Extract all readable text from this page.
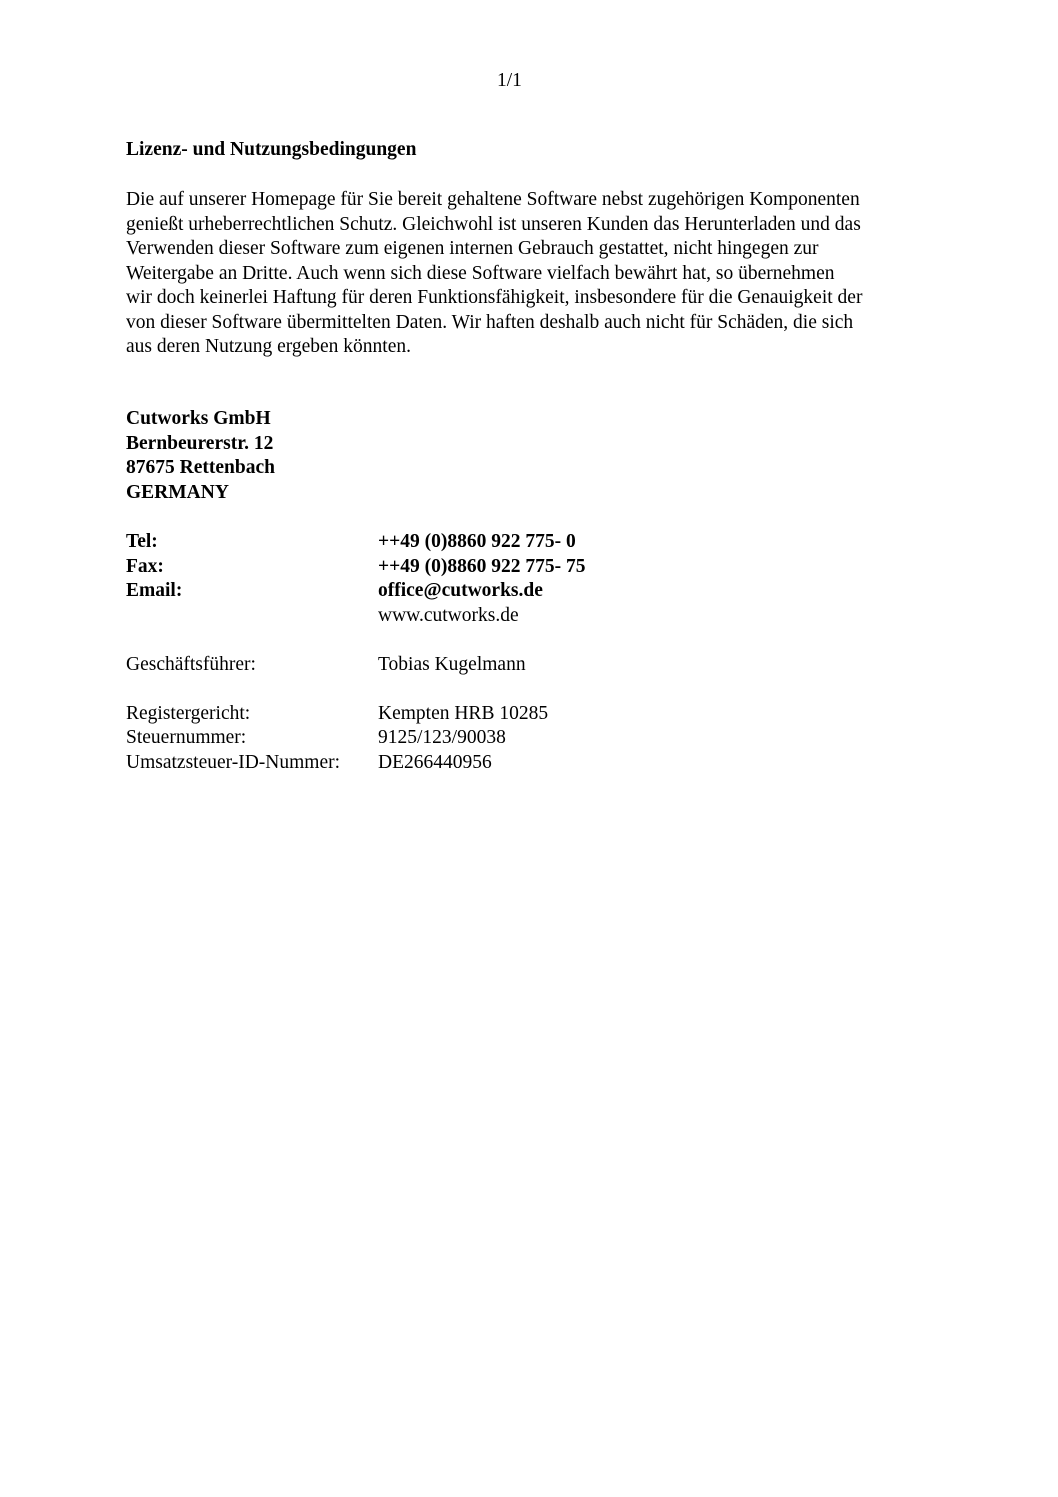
1/1
Lizenz- und Nutzungsbedingungen
Die auf unserer Homepage für Sie bereit gehaltene Software nebst zugehörigen Komponenten
genießt urheberrechtlichen Schutz. Gleichwohl ist unseren Kunden das Herunterladen und das
Verwenden dieser Software zum eigenen internen Gebrauch gestattet, nicht hingegen zur
Weitergabe an Dritte. Auch wenn sich diese Software vielfach bewährt hat, so übernehmen
wir doch keinerlei Haftung für deren Funktionsfähigkeit, insbesondere für die Genauigkeit der
von dieser Software übermittelten Daten. Wir haften deshalb auch nicht für Schäden, die sich
aus deren Nutzung ergeben könnten.
Cutworks GmbH
Bernbeurerstr. 12
87675 Rettenbach
GERMANY
Tel:	++49 (0)8860 922 775- 0
Fax:	++49 (0)8860 922 775- 75
Email:	office@cutworks.de
www.cutworks.de
Geschäftsführer:	Tobias Kugelmann
Registergericht:	Kempten HRB 10285
Steuernummer:	9125/123/90038
Umsatzsteuer-ID-Nummer: DE266440956
